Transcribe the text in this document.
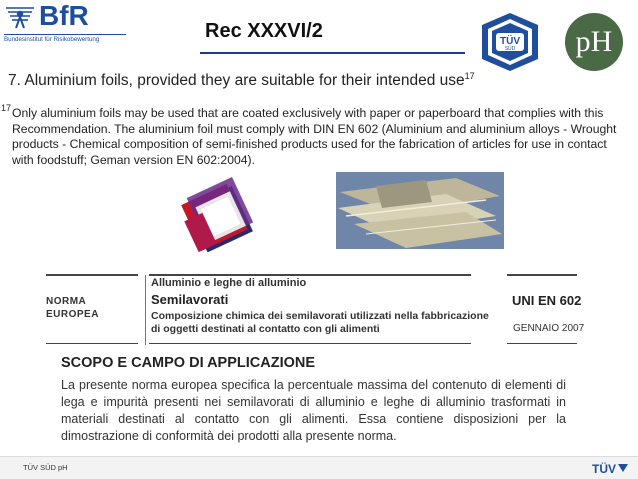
BfR
Bundesinstitut für Risikobewertung	Rec XXXVI/2	TÜV
SÜD pH
7. Aluminium foils, provided they are suitable for their intended use$^{17}$
17 Only aluminium foils may be used that are coated exclusively with paper or paperboard that complies with this Recommendation. The aluminium foil must comply with DIN EN 602 (Aluminium and aluminium alloys - Wrought products - Chemical composition of semi-finished products used for the fabrication of articles for use in contact with foodstuff; Geman version EN 602:2004).
NORMA
EUROPEA
Alluminio e leghe di alluminio
Semilavorati
Composizione chimica dei semilavorati utilizzati nella fabbricazione di oggetti destinati al contatto con gli alimenti
UNI EN 602
GENNAIO 2007
SCOPO E CAMPO DI APPLICAZIONE
La presente norma europea specifica la percentuale massima del contenuto di elementi di lega e impurità presenti nei semilavorati di alluminio e leghe di alluminio trasformati in materiali destinati al contatto con gli alimenti. Essa contiene disposizioni per la dimostrazione di conformità dei prodotti alla presente norma.
TÜV SÜD pH	TÜV
